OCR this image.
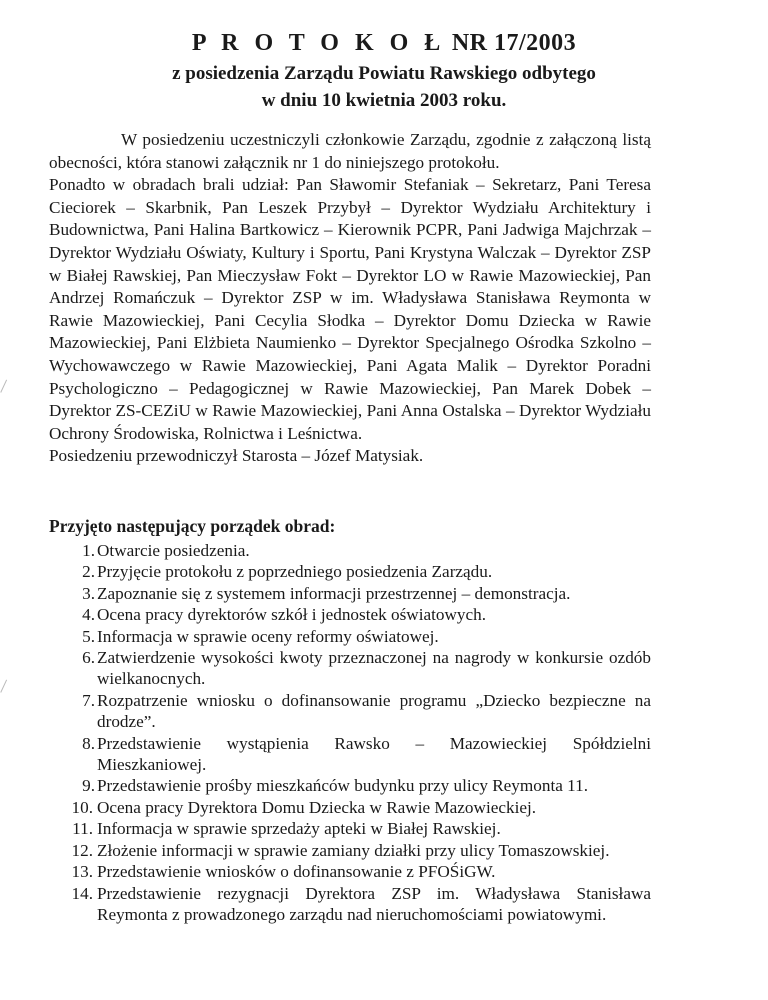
P R O T O K O Ł NR 17/2003
z posiedzenia Zarządu Powiatu Rawskiego odbytego
w dniu 10 kwietnia 2003 roku.

W posiedzeniu uczestniczyli członkowie Zarządu, zgodnie z załączoną listą obecności, która stanowi załącznik nr 1 do niniejszego protokołu.

Ponadto w obradach brali udział: Pan Sławomir Stefaniak – Sekretarz, Pani Teresa Cieciorek – Skarbnik, Pan Leszek Przybył – Dyrektor Wydziału Architektury i Budownictwa, Pani Halina Bartkowicz – Kierownik PCPR, Pani Jadwiga Majchrzak – Dyrektor Wydziału Oświaty, Kultury i Sportu, Pani Krystyna Walczak – Dyrektor ZSP w Białej Rawskiej, Pan Mieczysław Fokt – Dyrektor LO w Rawie Mazowieckiej, Pan Andrzej Romańczuk – Dyrektor ZSP w im. Władysława Stanisława Reymonta w Rawie Mazowieckiej, Pani Cecylia Słodka – Dyrektor Domu Dziecka w Rawie Mazowieckiej, Pani Elżbieta Naumienko – Dyrektor Specjalnego Ośrodka Szkolno – Wychowawczego w Rawie Mazowieckiej, Pani Agata Malik – Dyrektor Poradni Psychologiczno – Pedagogicznej w Rawie Mazowieckiej, Pan Marek Dobek – Dyrektor ZS-CEZiU w Rawie Mazowieckiej, Pani Anna Ostalska – Dyrektor Wydziału Ochrony Środowiska, Rolnictwa i Leśnictwa.

Posiedzeniu przewodniczył Starosta – Józef Matysiak.

Przyjęto następujący porządek obrad:
1. Otwarcie posiedzenia.
2. Przyjęcie protokołu z poprzedniego posiedzenia Zarządu.
3. Zapoznanie się z systemem informacji przestrzennej – demonstracja.
4. Ocena pracy dyrektorów szkół i jednostek oświatowych.
5. Informacja w sprawie oceny reformy oświatowej.
6. Zatwierdzenie wysokości kwoty przeznaczonej na nagrody w konkursie ozdób wielkanocnych.
7. Rozpatrzenie wniosku o dofinansowanie programu „Dziecko bezpieczne na drodze”.
8. Przedstawienie wystąpienia Rawsko – Mazowieckiej Spółdzielni Mieszkaniowej.
9. Przedstawienie prośby mieszkańców budynku przy ulicy Reymonta 11.
10. Ocena pracy Dyrektora Domu Dziecka w Rawie Mazowieckiej.
11. Informacja w sprawie sprzedaży apteki w Białej Rawskiej.
12. Złożenie informacji w sprawie zamiany działki przy ulicy Tomaszowskiej.
13. Przedstawienie wniosków o dofinansowanie z PFOŚiGW.
14. Przedstawienie rezygnacji Dyrektora ZSP im. Władysława Stanisława Reymonta z prowadzonego zarządu nad nieruchomościami powiatowymi.
